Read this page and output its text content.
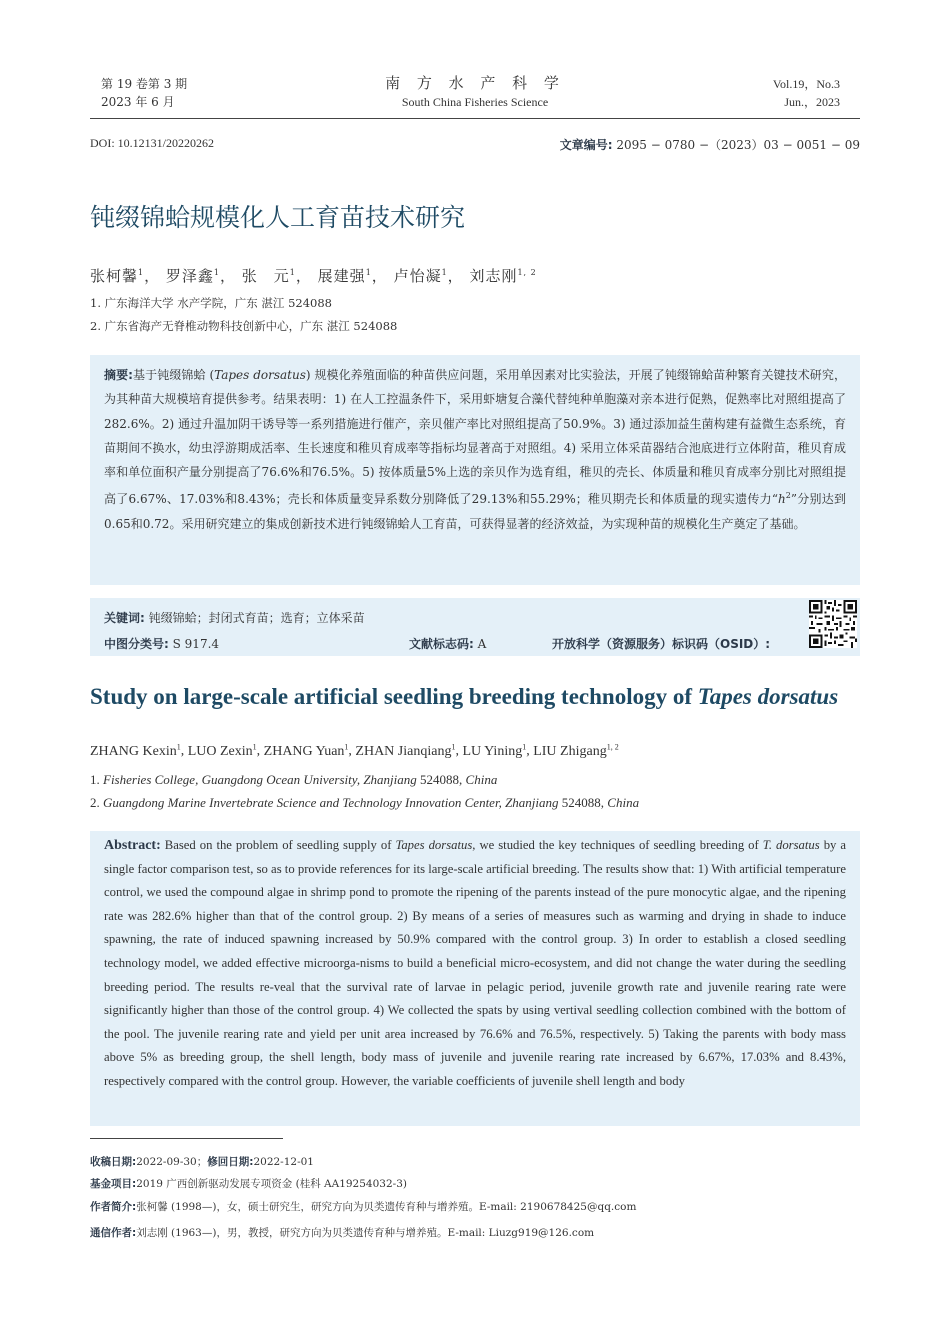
第 19 卷第 3 期
2023 年 6 月
南 方 水 产 科 学
South China Fisheries Science
Vol.19，No.3
Jun.，2023
DOI: 10.12131/20220262	文章编号: 2095 − 0780 −（2023）03 − 0051 − 09
钝缀锦蛤规模化人工育苗技术研究
张柯馨$^1$， 罗泽鑫$^1$， 张　元$^1$， 展建强$^1$， 卢怡凝$^1$， 刘志刚$^{1, 2}$
1. 广东海洋大学 水产学院，广东 湛江 524088
2. 广东省海产无脊椎动物科技创新中心，广东 湛江 524088
摘要:基于钝缀锦蛤 (Tapes dorsatus) 规模化养殖面临的种苗供应问题，采用单因素对比实验法，开展了钝缀锦蛤苗种繁育关键技术研究，为其种苗大规模培育提供参考。结果表明：1) 在人工控温条件下，采用虾塘复合藻代替纯种单胞藻对亲本进行促熟，促熟率比对照组提高了282.6%。2) 通过升温加阴干诱导等一系列措施进行催产，亲贝催产率比对照组提高了50.9%。3) 通过添加益生菌构建有益微生态系统，育苗期间不换水，幼虫浮游期成活率、生长速度和稚贝育成率等指标均显著高于对照组。4) 采用立体采苗器结合池底进行立体附苗，稚贝育成率和单位面积产量分别提高了76.6%和76.5%。5) 按体质量5%上选的亲贝作为选育组，稚贝的壳长、体质量和稚贝育成率分别比对照组提高了6.67%、17.03%和8.43%；壳长和体质量变异系数分别降低了29.13%和55.29%；稚贝期壳长和体质量的现实遗传力“$h^2$”分别达到0.65和0.72。采用研究建立的集成创新技术进行钝缀锦蛤人工育苗，可获得显著的经济效益，为实现种苗的规模化生产奠定了基础。
关键词: 钝缀锦蛤；封闭式育苗；选育；立体采苗
中图分类号: S 917.4	文献标志码: A	开放科学（资源服务）标识码（OSID）:
Study on large-scale artificial seedling breeding technology of Tapes dorsatus
ZHANG Kexin$^1$, LUO Zexin$^1$, ZHANG Yuan$^1$, ZHAN Jianqiang$^1$, LU Yining$^1$, LIU Zhigang$^{1, 2}$
1. Fisheries College, Guangdong Ocean University, Zhanjiang 524088, China
2. Guangdong Marine Invertebrate Science and Technology Innovation Center, Zhanjiang 524088, China
Abstract: Based on the problem of seedling supply of Tapes dorsatus, we studied the key techniques of seedling breeding of T. dorsatus by a single factor comparison test, so as to provide references for its large-scale artificial breeding. The results show that: 1) With artificial temperature control, we used the compound algae in shrimp pond to promote the ripening of the parents instead of the pure monocytic algae, and the ripening rate was 282.6% higher than that of the control group. 2) By means of a series of measures such as warming and drying in shade to induce spawning, the rate of induced spawning increased by 50.9% compared with the control group. 3) In order to establish a closed seedling technology model, we added effective microorga-nisms to build a beneficial micro-ecosystem, and did not change the water during the seedling breeding period. The results re-veal that the survival rate of larvae in pelagic period, juvenile growth rate and juvenile rearing rate were significantly higher than those of the control group. 4) We collected the spats by using vertival seedling collection combined with the bottom of the pool. The juvenile rearing rate and yield per unit area increased by 76.6% and 76.5%, respectively. 5) Taking the parents with body mass above 5% as breeding group, the shell length, body mass of juvenile and juvenile rearing rate increased by 6.67%, 17.03% and 8.43%, respectively compared with the control group. However, the variable coefficients of juvenile shell length and body
收稿日期:2022-09-30；修回日期:2022-12-01
基金项目:2019 广西创新驱动发展专项资金 (桂科 AA19254032-3)
作者简介:张柯馨 (1998—)，女，硕士研究生，研究方向为贝类遗传育种与增养殖。E-mail: 2190678425@qq.com
通信作者:刘志刚 (1963—)，男，教授，研究方向为贝类遗传育种与增养殖。E-mail: Liuzg919@126.com
